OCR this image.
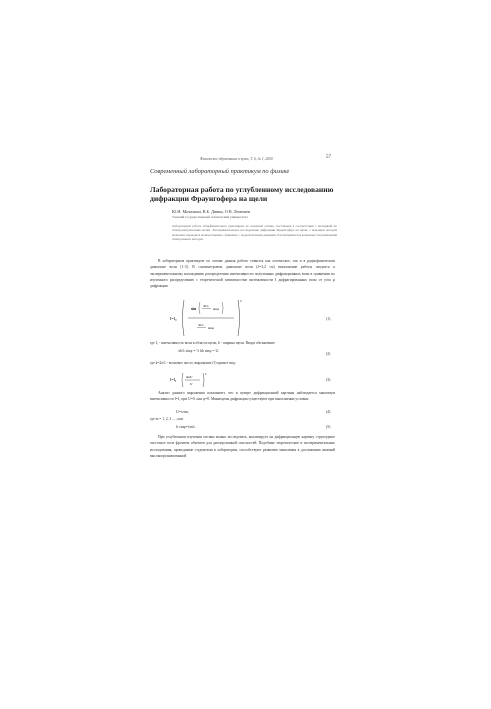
Физическое образование в вузах, Т. 6, № 1, 2000	57
Современный лабораторный практикум по физике
Лабораторная работа по углубленному исследованию дифракции Фраунгофера на щели
Ю.И. Мочалкин, В.Б. Дивин, О.В. Лемешев
Томский государственный технический университет
Лабораторная работа общефизического практикума по волновой оптике, поставлена в соответствии с методикой по спектрометрическим полям. Экспериментальное исследование дифракции Фраунгофера на щели, с помощью которой возможно проводить количественное сравнение с теоретическими данными. Рассматриваются возможности применения спектральных методов.
В лабораторном практикуме по оптике данная работа ставится как логическое, так и в радиофизическом диапазоне волн [1-3]. В сантиметровом диапазоне волн (λ=3,2 см) выполнение работы сводится к экспериментальному нахождению распределения интенсивности полученных дифракционных волн в сравнении по изученного распределению с теоретической зависимостью интенсивности I дифрагированных волн от угла φ дифракции:
I=I₀
sin πb/λ
sinφ
πb/λ
sinφ
2
(1)
где I₀ - интенсивность волн в области щели, b - ширина щели. Вводя обозначение
πb/λ sinφ = ½ kb sinφ = U,
(2)
где k=2π/λ - волновое число, выражение (1) примет вид:
I=I₀	sinU
U
2
(3)
Анализ данного выражения показывает, что в центре дифракционной картины наблюдается максимум интенсивности I=I₀ при U=0, или φ=0. Минимумы дифракции существуют при выполнении условия:
U=±πm,	(4)
где m = 1, 2, 3 ... , или
b·sinφ=±mλ.	(5)
При углубленном изучении оптики можно исследовать, анализирует на дифракционную картину структурное частотное поле фронтом объектов для дисперсионной плоскостей. Подобные теоретические и экспериментальные исследования, проводимые студентами в лаборатории, способствуют развитию мышления к достижению явлений высокоорганизованной
